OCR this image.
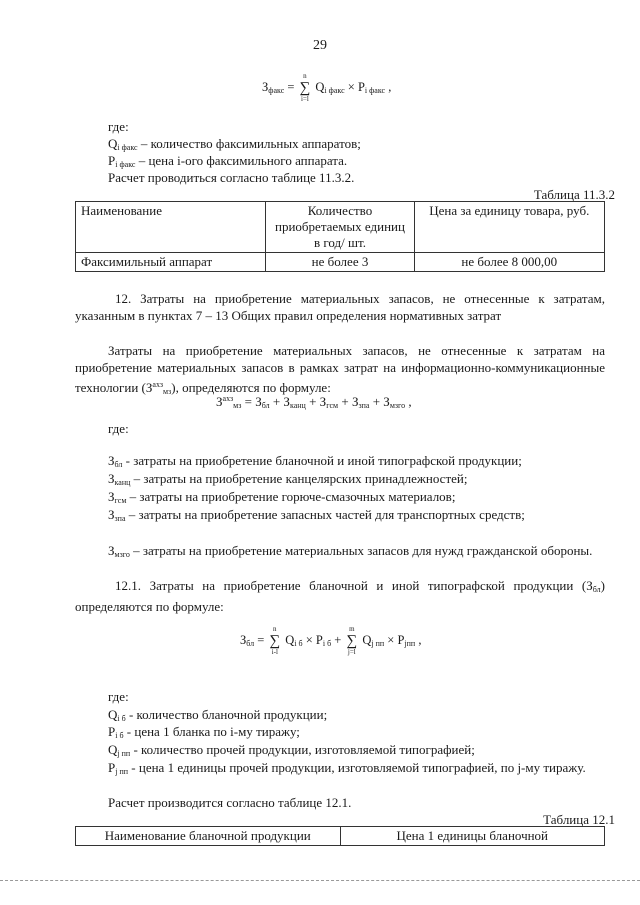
29
$З_{факс}$ =
n
∑
i=l
$Q_{i факс} \times P_{i факс}$ ,
где:
$Q_{i факс}$ – количество факсимильных аппаратов;
$P_{i факс}$ – цена i-ого факсимильного аппарата.
Расчет проводиться согласно таблице 11.3.2.
Таблица 11.3.2
Наименование	Количество приобретаемых единиц в год/ шт.	Цена за единицу товара, руб.
Факсимильный аппарат	не более 3	не более 8 000,00
12. Затраты на приобретение материальных запасов, не отнесенные к затратам, указанным в пунктах 7 – 13 Общих правил определения нормативных затрат
Затраты на приобретение материальных запасов, не отнесенные к затратам на приобретение материальных запасов в рамках затрат на информационно-коммуникационные технологии $(З^{ахз}_{мз})$, определяются по формуле:
$З^{ахз}_{мз} = З_{бл} + З_{канц} + З_{гсм} + З_{зпа} + З_{мзго}$ ,
где:
$З_{бл}$ - затраты на приобретение бланочной и иной типографской продукции;
$З_{канц}$ – затраты на приобретение канцелярских принадлежностей;
$З_{гсм}$ – затраты на приобретение горюче-смазочных материалов;
$З_{зпа}$ – затраты на приобретение запасных частей для транспортных средств;
$З_{мзго}$ – затраты на приобретение материальных запасов для нужд гражданской обороны.
12.1. Затраты на приобретение бланочной и иной типографской продукции $(З_{бл})$ определяются по формуле:
$З_{бл}$ =
n
∑
i-l
$Q_{i б} \times P_{i б}$ +
m
∑
j=l
$Q_{j пп} \times P_{jпп}$ ,
где:
$Q_{i б}$ - количество бланочной продукции;
$P_{i б}$ - цена 1 бланка по i-му тиражу;
$Q_{j пп}$ - количество прочей продукции, изготовляемой типографией;
$P_{j пп}$ - цена 1 единицы прочей продукции, изготовляемой типографией, по j-му тиражу.
Расчет производится согласно таблице 12.1.
Таблица 12.1
Наименование бланочной продукции	Цена 1 единицы бланочной
